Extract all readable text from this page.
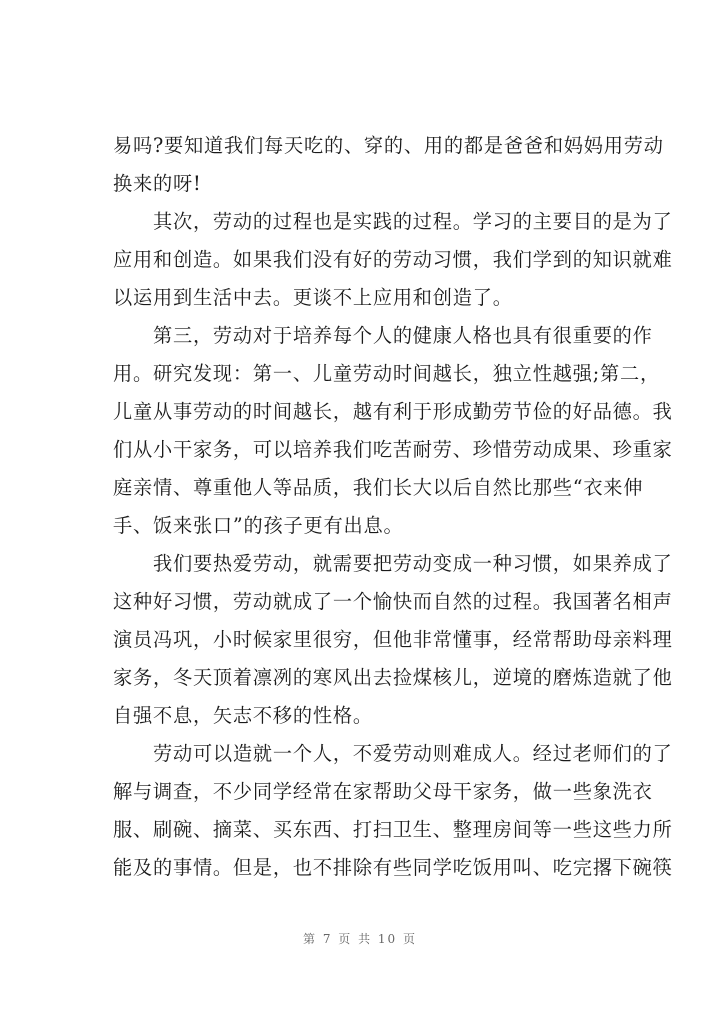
易吗?要知道我们每天吃的、穿的、用的都是爸爸和妈妈用劳动
换来的呀!
　　其次，劳动的过程也是实践的过程。学习的主要目的是为了
应用和创造。如果我们没有好的劳动习惯，我们学到的知识就难
以运用到生活中去。更谈不上应用和创造了。
　　第三，劳动对于培养每个人的健康人格也具有很重要的作
用。研究发现：第一、儿童劳动时间越长，独立性越强;第二，
儿童从事劳动的时间越长，越有利于形成勤劳节俭的好品德。我
们从小干家务，可以培养我们吃苦耐劳、珍惜劳动成果、珍重家
庭亲情、尊重他人等品质，我们长大以后自然比那些“衣来伸
手、饭来张口”的孩子更有出息。
　　我们要热爱劳动，就需要把劳动变成一种习惯，如果养成了
这种好习惯，劳动就成了一个愉快而自然的过程。我国著名相声
演员冯巩，小时候家里很穷，但他非常懂事，经常帮助母亲料理
家务，冬天顶着凛冽的寒风出去捡煤核儿，逆境的磨炼造就了他
自强不息，矢志不移的性格。
　　劳动可以造就一个人，不爱劳动则难成人。经过老师们的了
解与调查，不少同学经常在家帮助父母干家务，做一些象洗衣
服、刷碗、摘菜、买东西、打扫卫生、整理房间等一些这些力所
能及的事情。但是，也不排除有些同学吃饭用叫、吃完撂下碗筷
第 7 页 共 10 页
